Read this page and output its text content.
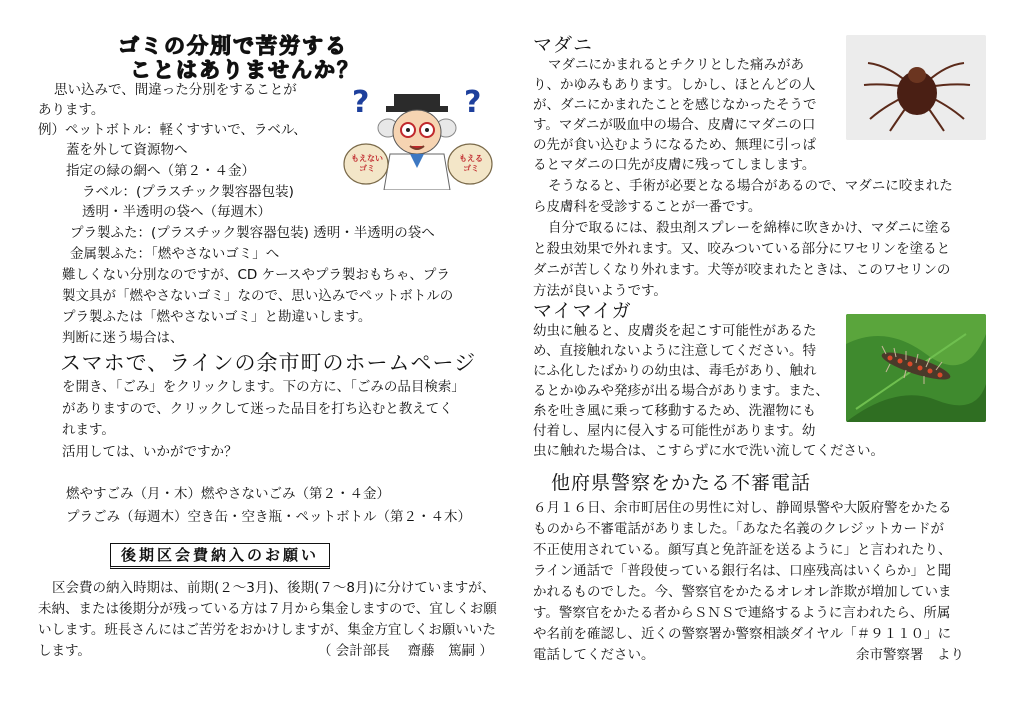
ゴミの分別で苦労する
ことはありませんか？
思い込みで、間違った分別をすることが
あります。
例）ペットボトル：軽くすすいで、ラベル、
蓋を外して資源物へ
指定の緑の網へ（第２・４金）
ラベル：(プラスチック製容器包装)
透明・半透明の袋へ（毎週木）
プラ製ふた：(プラスチック製容器包装) 透明・半透明の袋へ
金属製ふた：「燃やさないゴミ」へ
難しくない分別なのですが、CD ケースやプラ製おもちゃ、プラ
製文具が「燃やさないゴミ」なので、思い込みでペットボトルの
プラ製ふたは「燃やさないゴミ」と勘違いします。
判断に迷う場合は、
スマホで、ラインの余市町のホームページ
を開き、「ごみ」をクリックします。下の方に、「ごみの品目検索」
がありますので、クリックして迷った品目を打ち込むと教えてく
れます。
活用しては、いかがですか？
燃やすごみ（月・木）燃やさないごみ（第２・４金）
プラごみ（毎週木）空き缶・空き瓶・ペットボトル（第２・４木）
?	?
もえない
ゴミ
もえる
ゴミ
後期区会費納入のお願い
区会費の納入時期は、前期(２～3月)、後期(７～8月)に分けていますが、
未納、または後期分が残っている方は７月から集金しますので、宜しくお願
いします。班長さんにはご苦労をおかけしますが、集金方宜しくお願いいた
します。	（ 会計部長　 齋藤　篤嗣 ）
マダニ
マダニにかまれるとチクリとした痛みがあ
り、かゆみもあります。しかし、ほとんどの人
が、ダニにかまれたことを感じなかったそうで
す。マダニが吸血中の場合、皮膚にマダニの口
の先が食い込むようになるため、無理に引っぱ
るとマダニの口先が皮膚に残ってしまします。
そうなると、手術が必要となる場合があるので、マダニに咬まれた
ら皮膚科を受診することが一番です。
自分で取るには、殺虫剤スプレーを綿棒に吹きかけ、マダニに塗る
と殺虫効果で外れます。又、咬みついている部分にワセリンを塗ると
ダニが苦しくなり外れます。犬等が咬まれたときは、このワセリンの
方法が良いようです。
マイマイガ
幼虫に触ると、皮膚炎を起こす可能性があるた
め、直接触れないように注意してください。特
にふ化したばかりの幼虫は、毒毛があり、触れ
るとかゆみや発疹が出る場合があります。また、
糸を吐き風に乗って移動するため、洗濯物にも
付着し、屋内に侵入する可能性があります。幼
虫に触れた場合は、こすらずに水で洗い流してください。
他府県警察をかたる不審電話
６月１６日、余市町居住の男性に対し、静岡県警や大阪府警をかたる
ものから不審電話がありました。「あなた名義のクレジットカードが
不正使用されている。顔写真と免許証を送るように」と言われたり、
ライン通話で「普段使っている銀行名は、口座残高はいくらか」と聞
かれるものでした。今、警察官をかたるオレオレ詐欺が増加していま
す。警察官をかたる者からＳＮＳで連絡するように言われたら、所属
や名前を確認し、近くの警察署か警察相談ダイヤル「＃９１１０」に
電話してください。	余市警察署　より
